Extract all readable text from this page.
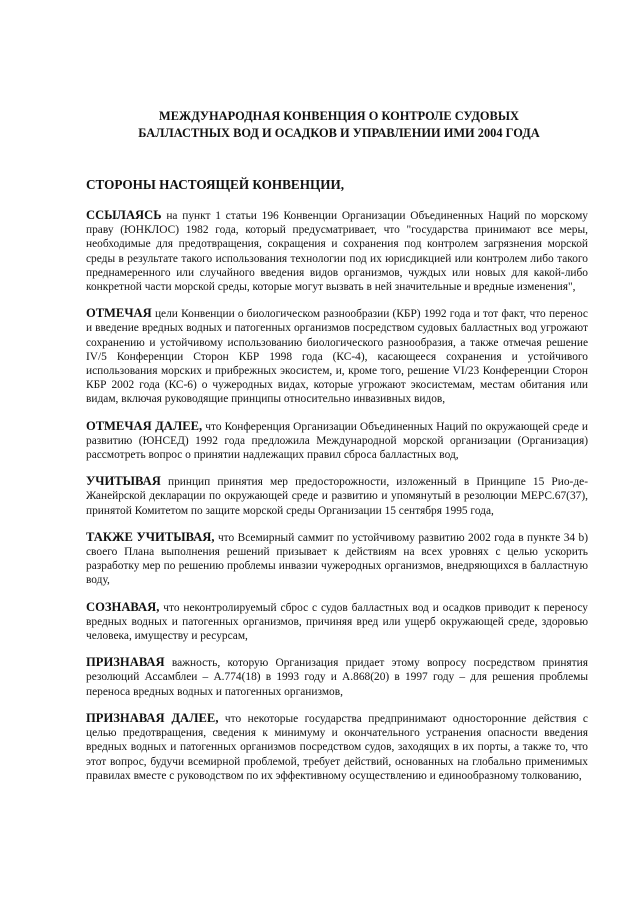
МЕЖДУНАРОДНАЯ КОНВЕНЦИЯ О КОНТРОЛЕ СУДОВЫХ
БАЛЛАСТНЫХ ВОД И ОСАДКОВ И УПРАВЛЕНИИ ИМИ 2004 ГОДА
СТОРОНЫ НАСТОЯЩЕЙ КОНВЕНЦИИ,

ССЫЛАЯСЬ на пункт 1 статьи 196 Конвенции Организации Объединенных Наций по морскому праву (ЮНКЛОС) 1982 года, который предусматривает, что "государства принимают все меры, необходимые для предотвращения, сокращения и сохранения под контролем загрязнения морской среды в результате такого использования технологии под их юрисдикцией или контролем либо такого преднамеренного или случайного введения видов организмов, чуждых или новых для какой-либо конкретной части морской среды, которые могут вызвать в ней значительные и вредные изменения",

ОТМЕЧАЯ цели Конвенции о биологическом разнообразии (КБР) 1992 года и тот факт, что перенос и введение вредных водных и патогенных организмов посредством судовых балластных вод угрожают сохранению и устойчивому использованию биологического разнообразия, а также отмечая решение IV/5 Конференции Сторон КБР 1998 года (КС-4), касающееся сохранения и устойчивого использования морских и прибрежных экосистем, и, кроме того, решение VI/23 Конференции Сторон КБР 2002 года (КС-6) о чужеродных видах, которые угрожают экосистемам, местам обитания или видам, включая руководящие принципы относительно инвазивных видов,

ОТМЕЧАЯ ДАЛЕЕ, что Конференция Организации Объединенных Наций по окружающей среде и развитию (ЮНСЕД) 1992 года предложила Международной морской организации (Организация) рассмотреть вопрос о принятии надлежащих правил сброса балластных вод,

УЧИТЫВАЯ принцип принятия мер предосторожности, изложенный в Принципе 15 Рио-де-Жанейрской декларации по окружающей среде и развитию и упомянутый в резолюции МЕРС.67(37), принятой Комитетом по защите морской среды Организации 15 сентября 1995 года,

ТАКЖЕ УЧИТЫВАЯ, что Всемирный саммит по устойчивому развитию 2002 года в пункте 34 b) своего Плана выполнения решений призывает к действиям на всех уровнях с целью ускорить разработку мер по решению проблемы инвазии чужеродных организмов, внедряющихся в балластную воду,

СОЗНАВАЯ, что неконтролируемый сброс с судов балластных вод и осадков приводит к переносу вредных водных и патогенных организмов, причиняя вред или ущерб окружающей среде, здоровью человека, имуществу и ресурсам,

ПРИЗНАВАЯ важность, которую Организация придает этому вопросу посредством принятия резолюций Ассамблеи – А.774(18) в 1993 году и А.868(20) в 1997 году – для решения проблемы переноса вредных водных и патогенных организмов,

ПРИЗНАВАЯ ДАЛЕЕ, что некоторые государства предпринимают односторонние действия с целью предотвращения, сведения к минимуму и окончательного устранения опасности введения вредных водных и патогенных организмов посредством судов, заходящих в их порты, а также то, что этот вопрос, будучи всемирной проблемой, требует действий, основанных на глобально применимых правилах вместе с руководством по их эффективному осуществлению и единообразному толкованию,
